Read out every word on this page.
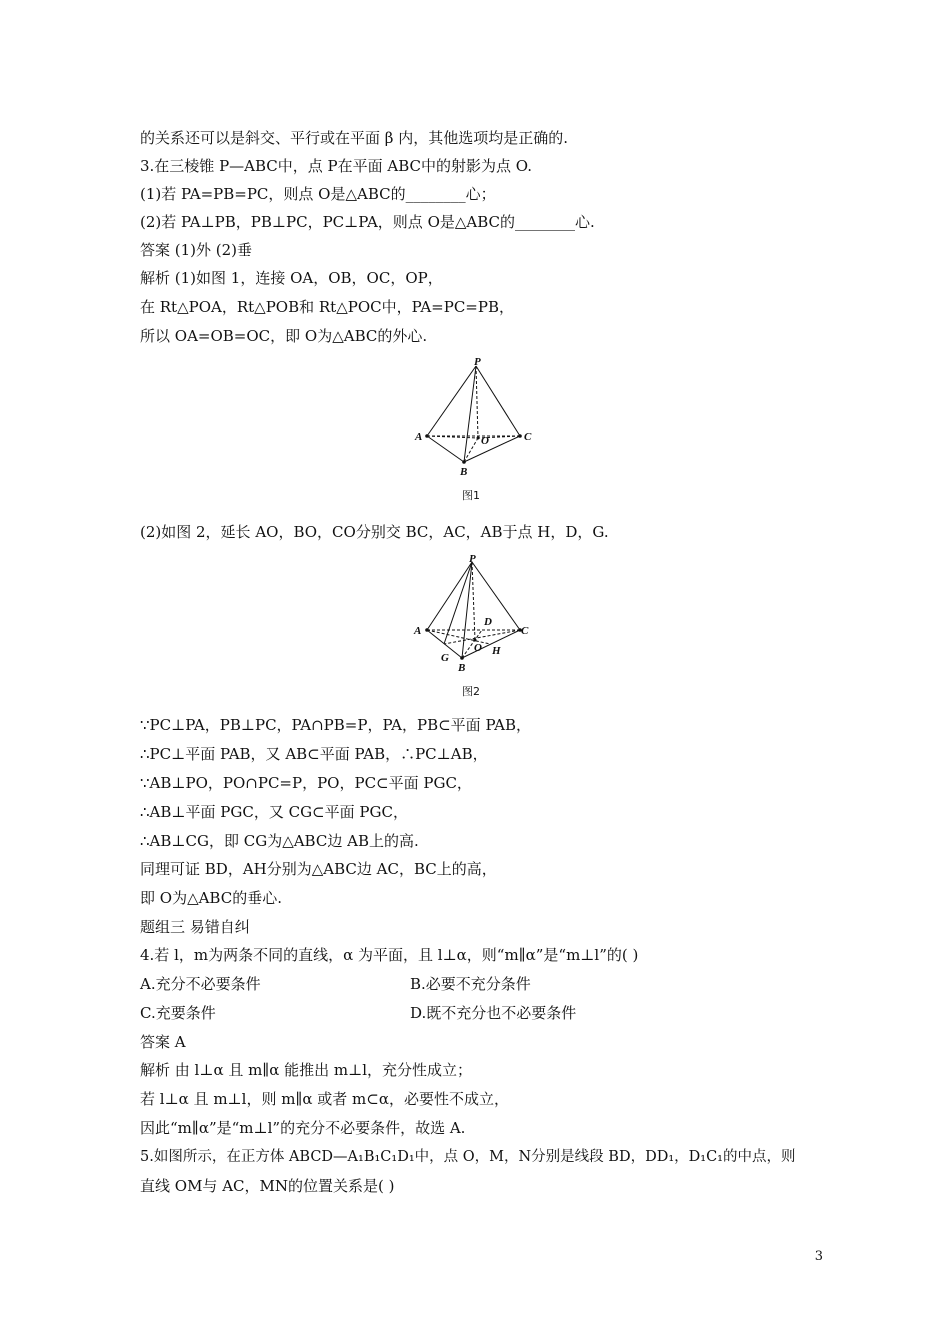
的关系还可以是斜交、平行或在平面 β 内，其他选项均是正确的.
3.在三棱锥 P—ABC中，点 P在平面 ABC中的射影为点 O.
(1)若 PA=PB=PC，则点 O是△ABC的________心；
(2)若 PA⊥PB，PB⊥PC，PC⊥PA，则点 O是△ABC的________心.
答案 (1)外 (2)垂
解析 (1)如图 1，连接 OA，OB，OC，OP，
在 Rt△POA，Rt△POB和 Rt△POC中，PA=PC=PB，
所以 OA=OB=OC，即 O为△ABC的外心.
P
A	C
B
O
图1
(2)如图 2，延长 AO，BO，CO分别交 BC，AC，AB于点 H，D，G.
P
A	C
B
D
G
H
O
图2
∵PC⊥PA，PB⊥PC，PA∩PB=P，PA，PB⊂平面 PAB，
∴PC⊥平面 PAB，又 AB⊂平面 PAB，∴PC⊥AB，
∵AB⊥PO，PO∩PC=P，PO，PC⊂平面 PGC，
∴AB⊥平面 PGC，又 CG⊂平面 PGC，
∴AB⊥CG，即 CG为△ABC边 AB上的高.
同理可证 BD，AH分别为△ABC边 AC，BC上的高，
即 O为△ABC的垂心.
题组三 易错自纠
4.若 l，m为两条不同的直线，α 为平面，且 l⊥α，则“m∥α”是“m⊥l”的( )
A.充分不必要条件	B.必要不充分条件
C.充要条件	D.既不充分也不必要条件
答案 A
解析 由 l⊥α 且 m∥α 能推出 m⊥l，充分性成立；
若 l⊥α 且 m⊥l，则 m∥α 或者 m⊂α，必要性不成立，
因此“m∥α”是“m⊥l”的充分不必要条件，故选 A.
5.如图所示，在正方体 ABCD—A₁B₁C₁D₁中，点 O，M，N分别是线段 BD，DD₁，D₁C₁的中点，则
直线 OM与 AC，MN的位置关系是( )
3
